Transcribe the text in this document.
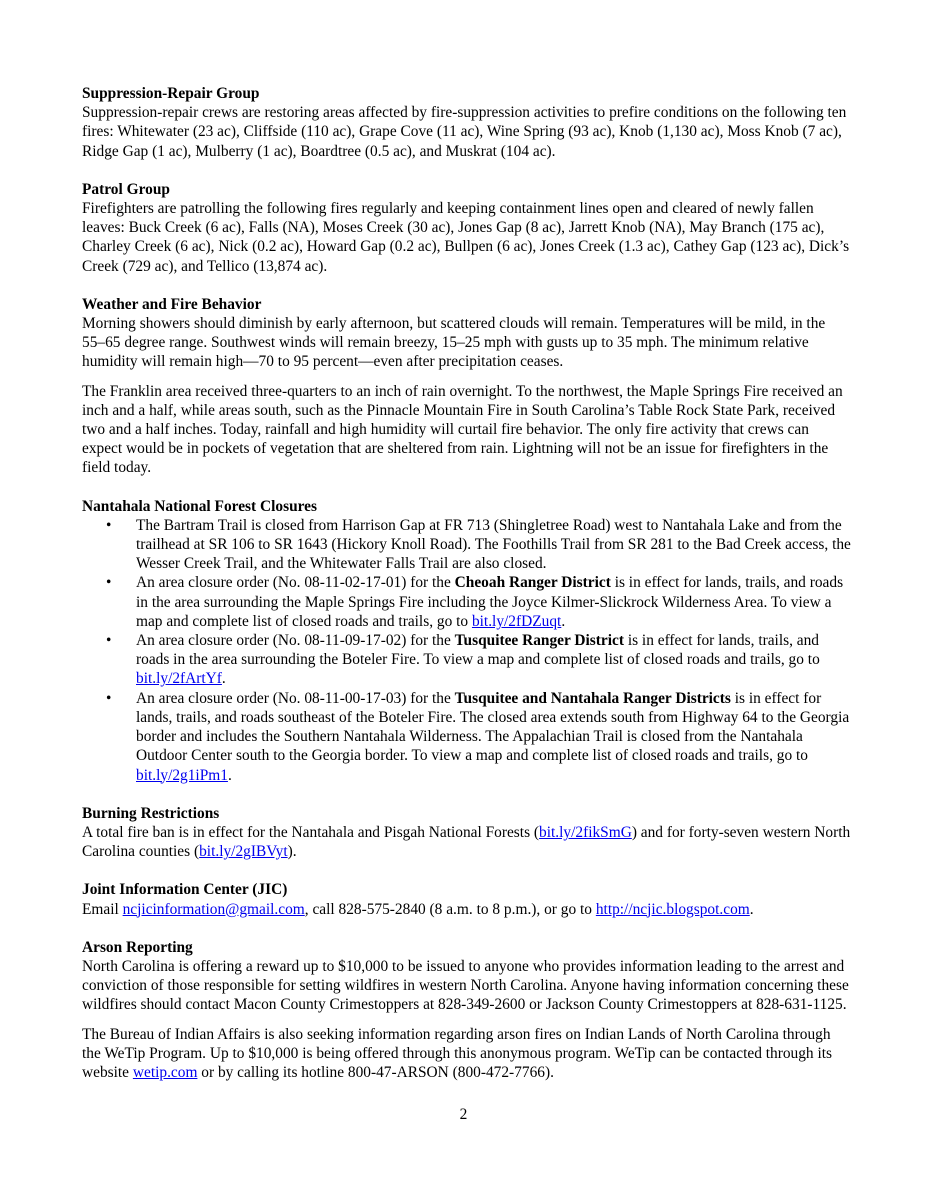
Suppression-Repair Group

Suppression-repair crews are restoring areas affected by fire-suppression activities to prefire conditions on the following ten fires: Whitewater (23 ac), Cliffside (110 ac), Grape Cove (11 ac), Wine Spring (93 ac), Knob (1,130 ac), Moss Knob (7 ac), Ridge Gap (1 ac), Mulberry (1 ac), Boardtree (0.5 ac), and Muskrat (104 ac).

Patrol Group

Firefighters are patrolling the following fires regularly and keeping containment lines open and cleared of newly fallen leaves: Buck Creek (6 ac), Falls (NA), Moses Creek (30 ac), Jones Gap (8 ac), Jarrett Knob (NA), May Branch (175 ac), Charley Creek (6 ac), Nick (0.2 ac), Howard Gap (0.2 ac), Bullpen (6 ac), Jones Creek (1.3 ac), Cathey Gap (123 ac), Dick’s Creek (729 ac), and Tellico (13,874 ac).

Weather and Fire Behavior

Morning showers should diminish by early afternoon, but scattered clouds will remain. Temperatures will be mild, in the 55–65 degree range. Southwest winds will remain breezy, 15–25 mph with gusts up to 35 mph. The minimum relative humidity will remain high—70 to 95 percent—even after precipitation ceases.

The Franklin area received three-quarters to an inch of rain overnight. To the northwest, the Maple Springs Fire received an inch and a half, while areas south, such as the Pinnacle Mountain Fire in South Carolina’s Table Rock State Park, received two and a half inches. Today, rainfall and high humidity will curtail fire behavior. The only fire activity that crews can expect would be in pockets of vegetation that are sheltered from rain. Lightning will not be an issue for firefighters in the field today.

Nantahala National Forest Closures
• The Bartram Trail is closed from Harrison Gap at FR 713 (Shingletree Road) west to Nantahala Lake and from the trailhead at SR 106 to SR 1643 (Hickory Knoll Road). The Foothills Trail from SR 281 to the Bad Creek access, the Wesser Creek Trail, and the Whitewater Falls Trail are also closed.
• An area closure order (No. 08-11-02-17-01) for the Cheoah Ranger District is in effect for lands, trails, and roads in the area surrounding the Maple Springs Fire including the Joyce Kilmer-Slickrock Wilderness Area. To view a map and complete list of closed roads and trails, go to bit.ly/2fDZuqt.
• An area closure order (No. 08-11-09-17-02) for the Tusquitee Ranger District is in effect for lands, trails, and roads in the area surrounding the Boteler Fire. To view a map and complete list of closed roads and trails, go to bit.ly/2fArtYf.
• An area closure order (No. 08-11-00-17-03) for the Tusquitee and Nantahala Ranger Districts is in effect for lands, trails, and roads southeast of the Boteler Fire. The closed area extends south from Highway 64 to the Georgia border and includes the Southern Nantahala Wilderness. The Appalachian Trail is closed from the Nantahala Outdoor Center south to the Georgia border. To view a map and complete list of closed roads and trails, go to bit.ly/2g1iPm1.
Burning Restrictions

A total fire ban is in effect for the Nantahala and Pisgah National Forests (bit.ly/2fikSmG) and for forty-seven western North Carolina counties (bit.ly/2gIBVyt).

Joint Information Center (JIC)

Email ncjicinformation@gmail.com, call 828-575-2840 (8 a.m. to 8 p.m.), or go to http://ncjic.blogspot.com.

Arson Reporting

North Carolina is offering a reward up to $10,000 to be issued to anyone who provides information leading to the arrest and conviction of those responsible for setting wildfires in western North Carolina. Anyone having information concerning these wildfires should contact Macon County Crimestoppers at 828-349-2600 or Jackson County Crimestoppers at 828-631-1125.

The Bureau of Indian Affairs is also seeking information regarding arson fires on Indian Lands of North Carolina through the WeTip Program. Up to $10,000 is being offered through this anonymous program. WeTip can be contacted through its website wetip.com or by calling its hotline 800-47-ARSON (800-472-7766).

2
